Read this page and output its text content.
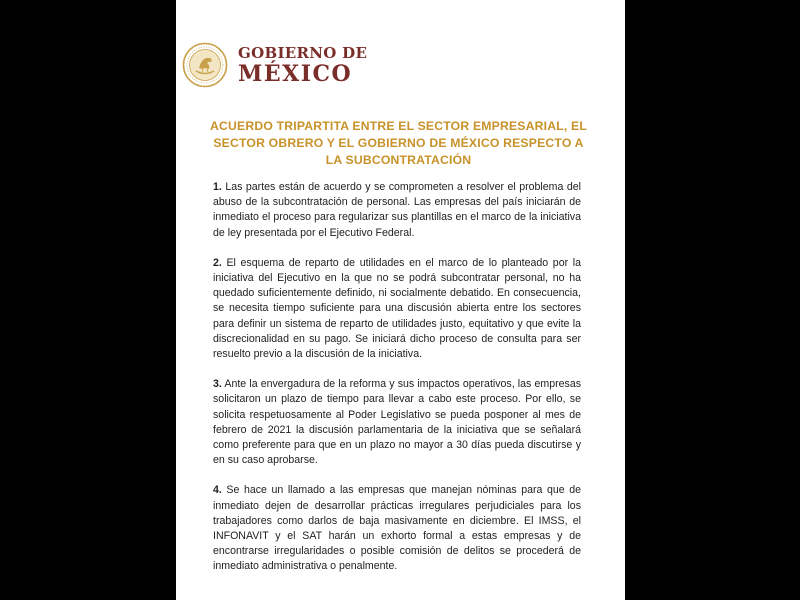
GOBIERNO DE
MÉXICO
ACUERDO TRIPARTITA ENTRE EL SECTOR EMPRESARIAL, EL SECTOR OBRERO Y EL GOBIERNO DE MÉXICO RESPECTO A LA SUBCONTRATACIÓN

1. Las partes están de acuerdo y se comprometen a resolver el problema del abuso de la subcontratación de personal. Las empresas del país iniciarán de inmediato el proceso para regularizar sus plantillas en el marco de la iniciativa de ley presentada por el Ejecutivo Federal.

2. El esquema de reparto de utilidades en el marco de lo planteado por la iniciativa del Ejecutivo en la que no se podrá subcontratar personal, no ha quedado suficientemente definido, ni socialmente debatido. En consecuencia, se necesita tiempo suficiente para una discusión abierta entre los sectores para definir un sistema de reparto de utilidades justo, equitativo y que evite la discrecionalidad en su pago. Se iniciará dicho proceso de consulta para ser resuelto previo a la discusión de la iniciativa.

3. Ante la envergadura de la reforma y sus impactos operativos, las empresas solicitaron un plazo de tiempo para llevar a cabo este proceso. Por ello, se solicita respetuosamente al Poder Legislativo se pueda posponer al mes de febrero de 2021 la discusión parlamentaria de la iniciativa que se señalará como preferente para que en un plazo no mayor a 30 días pueda discutirse y en su caso aprobarse.

4. Se hace un llamado a las empresas que manejan nóminas para que de inmediato dejen de desarrollar prácticas irregulares perjudiciales para los trabajadores como darlos de baja masivamente en diciembre. El IMSS, el INFONAVIT y el SAT harán un exhorto formal a estas empresas y de encontrarse irregularidades o posible comisión de delitos se procederá de inmediato administrativa o penalmente.
